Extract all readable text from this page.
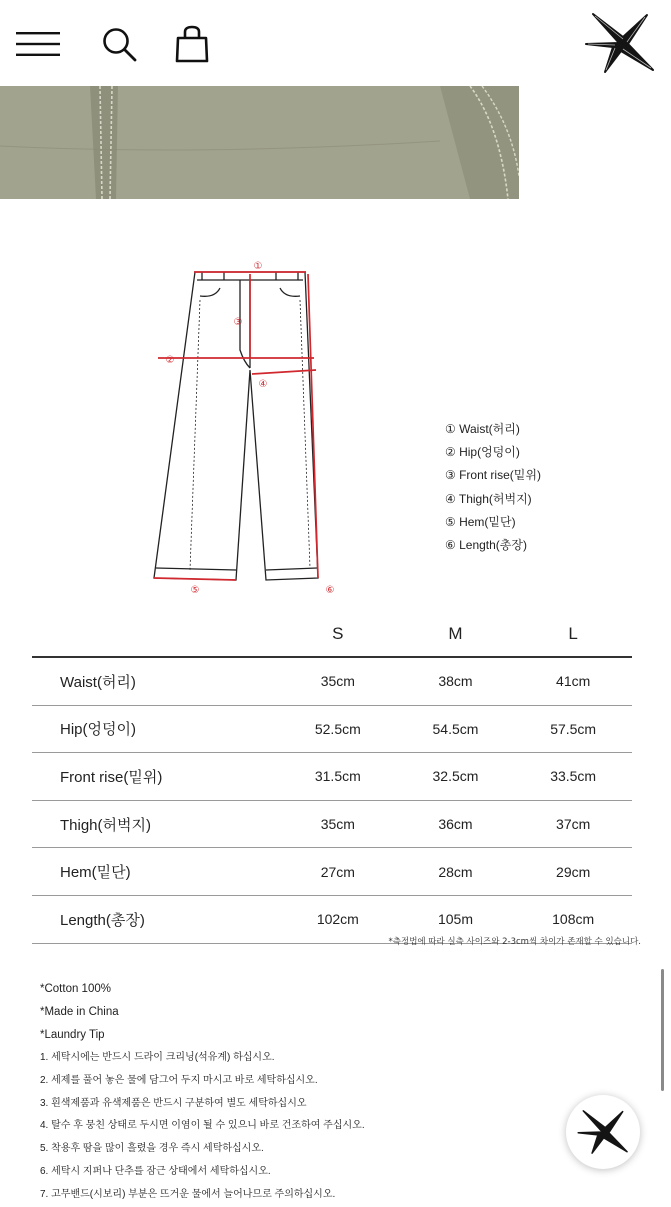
①
②
③
④
⑤	⑥
① Waist(허리)
② Hip(엉덩이)
③ Front rise(밑위)
④ Thigh(허벅지)
⑤ Hem(밑단)
⑥ Length(총장)
	S	M	L
Waist(허리)	35cm	38cm	41cm
Hip(엉덩이)	52.5cm	54.5cm	57.5cm
Front rise(밑위)	31.5cm	32.5cm	33.5cm
Thigh(허벅지)	35cm	36cm	37cm
Hem(밑단)	27cm	28cm	29cm
Length(총장)	102cm	105m	108cm
*측정법에 따라 실측 사이즈와 2-3cm씩 차이가 존재할 수 있습니다.
*Cotton 100%
*Made in China
*Laundry Tip
1. 세탁시에는 반드시 드라이 크리닝(석유계) 하십시오.
2. 세제를 풀어 놓은 물에 담그어 두지 마시고 바로 세탁하십시오.
3. 흰색제품과 유색제품은 반드시 구분하여 별도 세탁하십시오
4. 탈수 후 뭉친 상태로 두시면 이염이 될 수 있으니 바로 건조하여 주십시오.
5. 착용후 땀을 많이 흘렸을 경우 즉시 세탁하십시오.
6. 세탁시 지퍼나 단추를 잠근 상태에서 세탁하십시오.
7. 고무밴드(시보리) 부분은 뜨거운 물에서 늘어나므로 주의하십시오.
